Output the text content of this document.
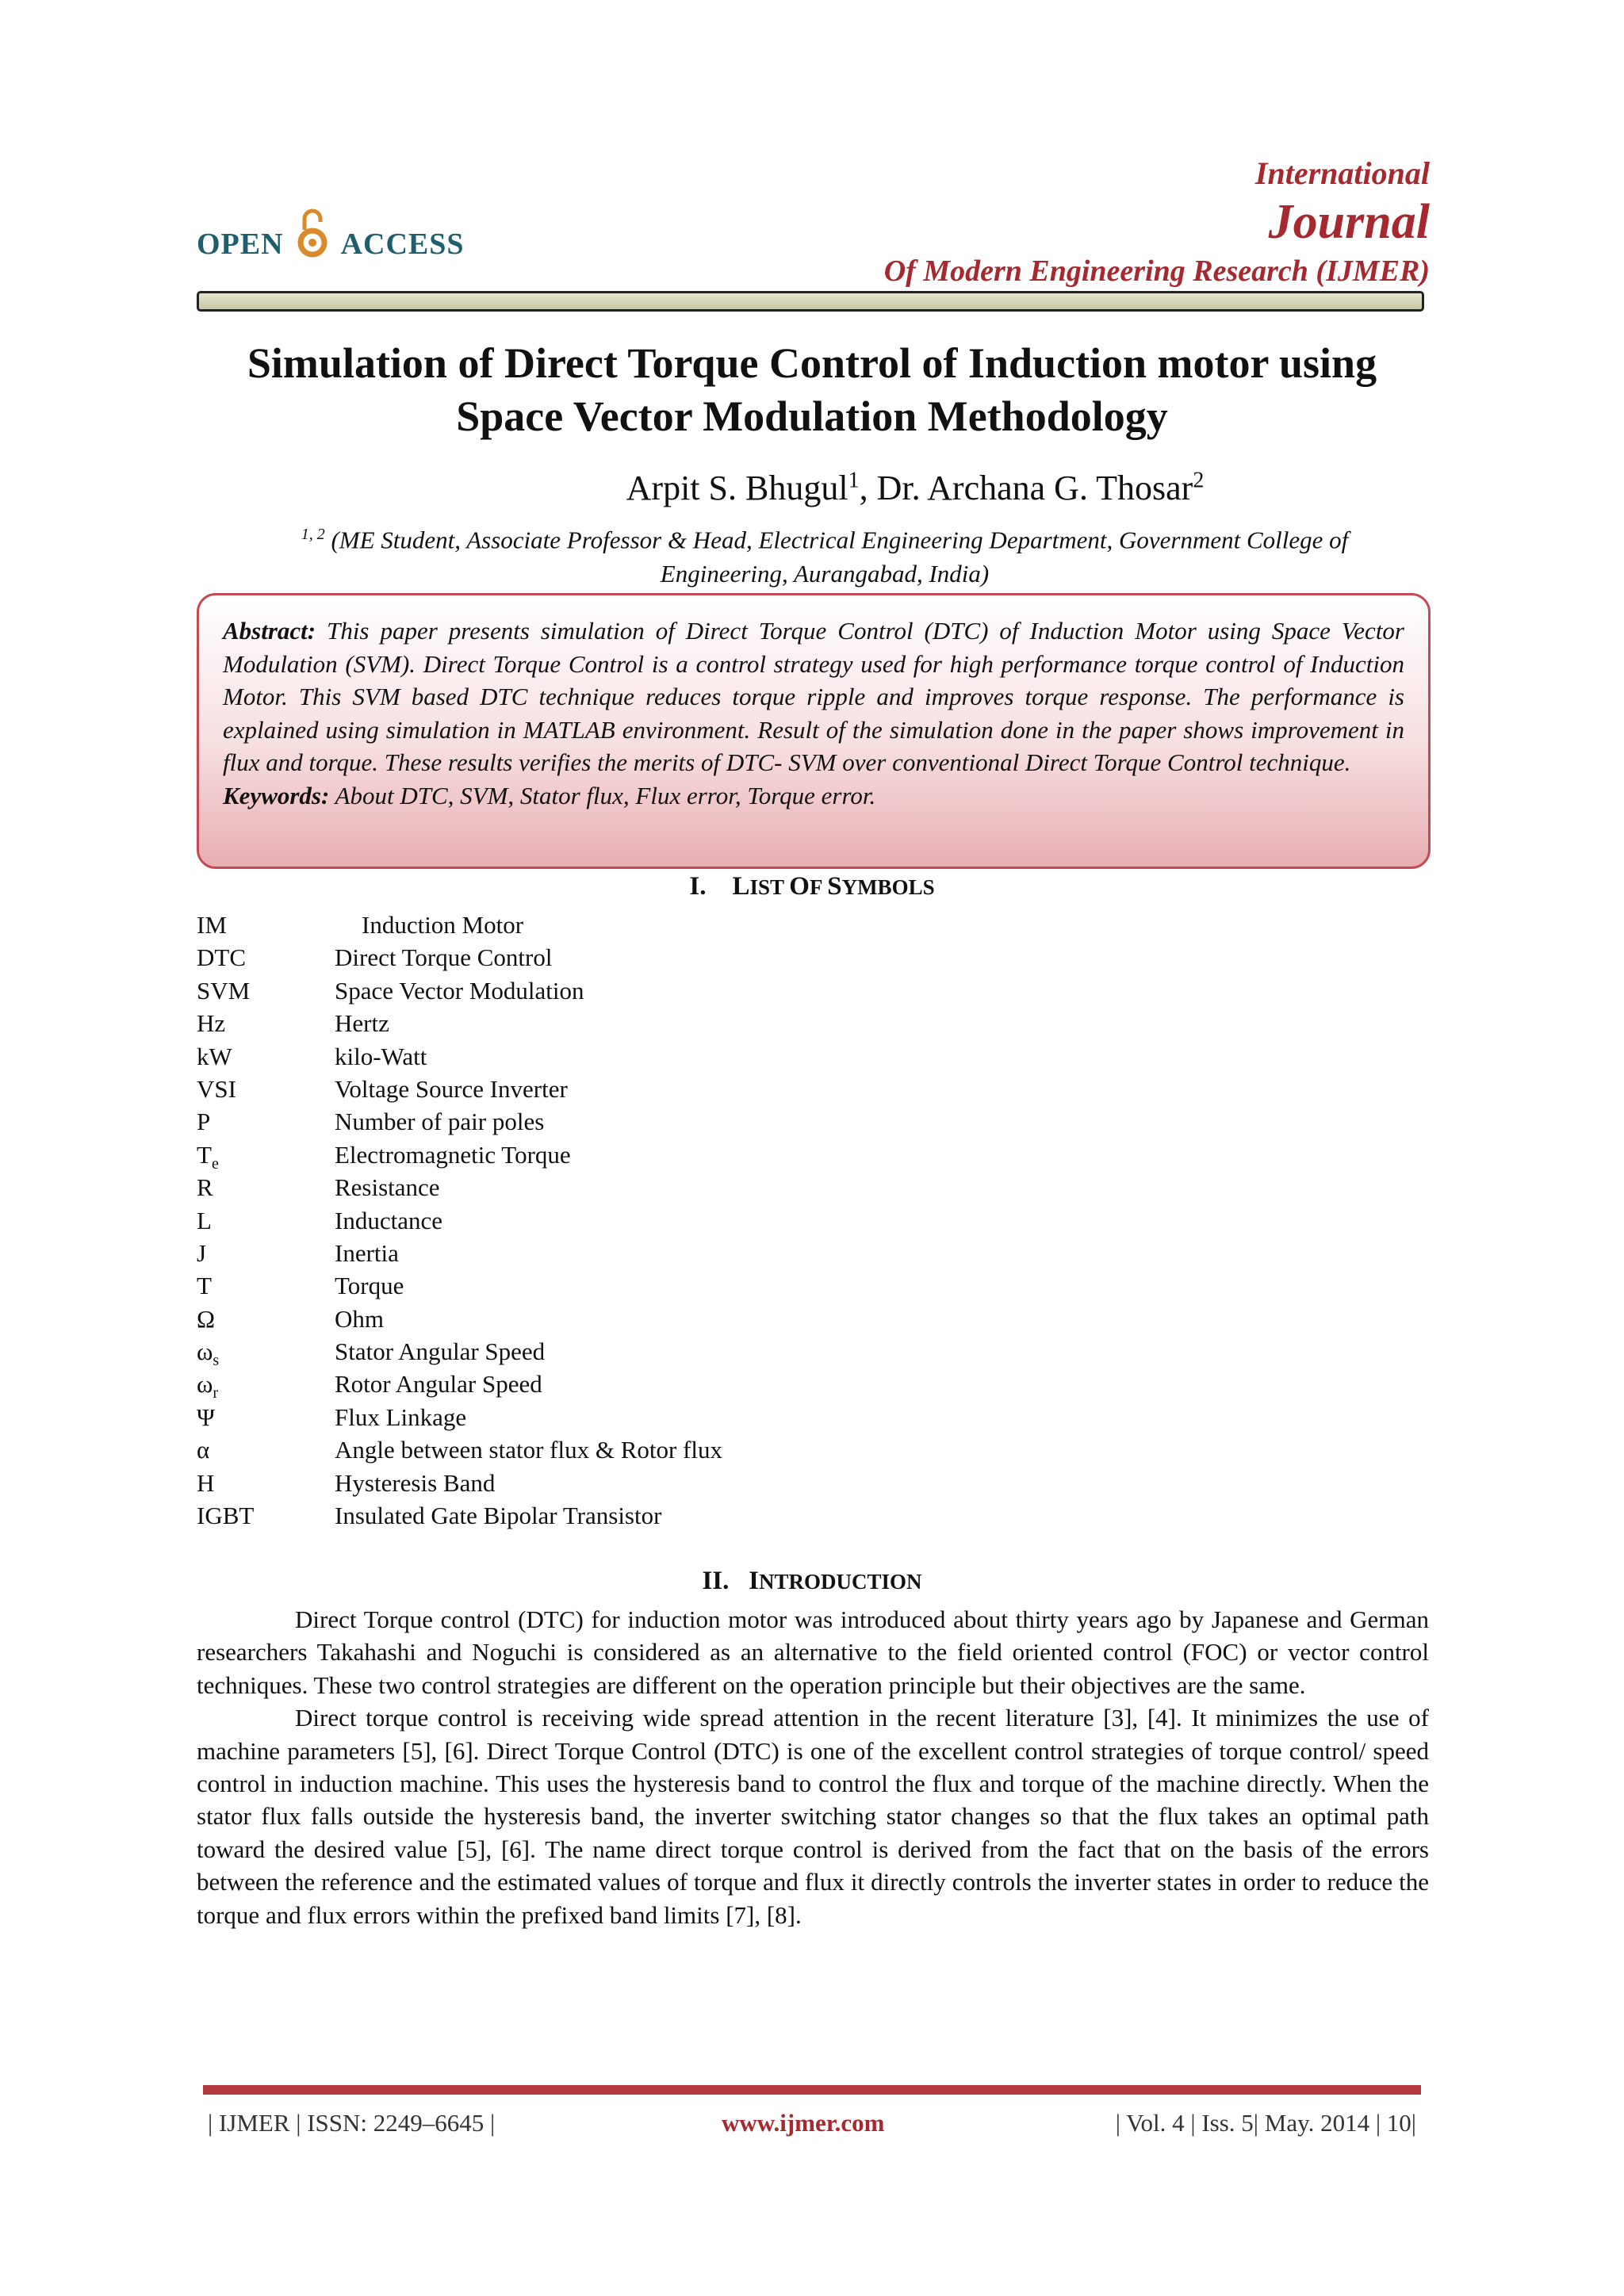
OPEN ACCESS
International
Journal
Of Modern Engineering Research (IJMER)
Simulation of Direct Torque Control of Induction motor using
Space Vector Modulation Methodology
Arpit S. Bhugul$^1$, Dr. Archana G. Thosar$^2$
$^{1, 2}$ (ME Student, Associate Professor & Head, Electrical Engineering Department, Government College of
Engineering, Aurangabad, India)
Abstract: This paper presents simulation of Direct Torque Control (DTC) of Induction Motor using Space Vector Modulation (SVM). Direct Torque Control is a control strategy used for high performance torque control of Induction Motor. This SVM based DTC technique reduces torque ripple and improves torque response. The performance is explained using simulation in MATLAB environment. Result of the simulation done in the paper shows improvement in flux and torque. These results verifies the merits of DTC- SVM over conventional Direct Torque Control technique.
Keywords: About DTC, SVM, Stator flux, Flux error, Torque error.
I. LIST OF SYMBOLS
IM	Induction Motor
DTC	Direct Torque Control
SVM	Space Vector Modulation
Hz	Hertz
kW	kilo-Watt
VSI	Voltage Source Inverter
P	Number of pair poles
$T_e$	Electromagnetic Torque
R	Resistance
L	Inductance
J	Inertia
T	Torque
Ω	Ohm
$\omega_s$	Stator Angular Speed
$\omega_r$	Rotor Angular Speed
Ψ	Flux Linkage
α	Angle between stator flux & Rotor flux
H	Hysteresis Band
IGBT	Insulated Gate Bipolar Transistor
II. INTRODUCTION

Direct Torque control (DTC) for induction motor was introduced about thirty years ago by Japanese and German researchers Takahashi and Noguchi is considered as an alternative to the field oriented control (FOC) or vector control techniques. These two control strategies are different on the operation principle but their objectives are the same.

Direct torque control is receiving wide spread attention in the recent literature [3], [4]. It minimizes the use of machine parameters [5], [6]. Direct Torque Control (DTC) is one of the excellent control strategies of torque control/ speed control in induction machine. This uses the hysteresis band to control the flux and torque of the machine directly. When the stator flux falls outside the hysteresis band, the inverter switching stator changes so that the flux takes an optimal path toward the desired value [5], [6]. The name direct torque control is derived from the fact that on the basis of the errors between the reference and the estimated values of torque and flux it directly controls the inverter states in order to reduce the torque and flux errors within the prefixed band limits [7], [8].

| IJMER | ISSN: 2249–6645 |	www.ijmer.com	| Vol. 4 | Iss. 5| May. 2014 | 10|
